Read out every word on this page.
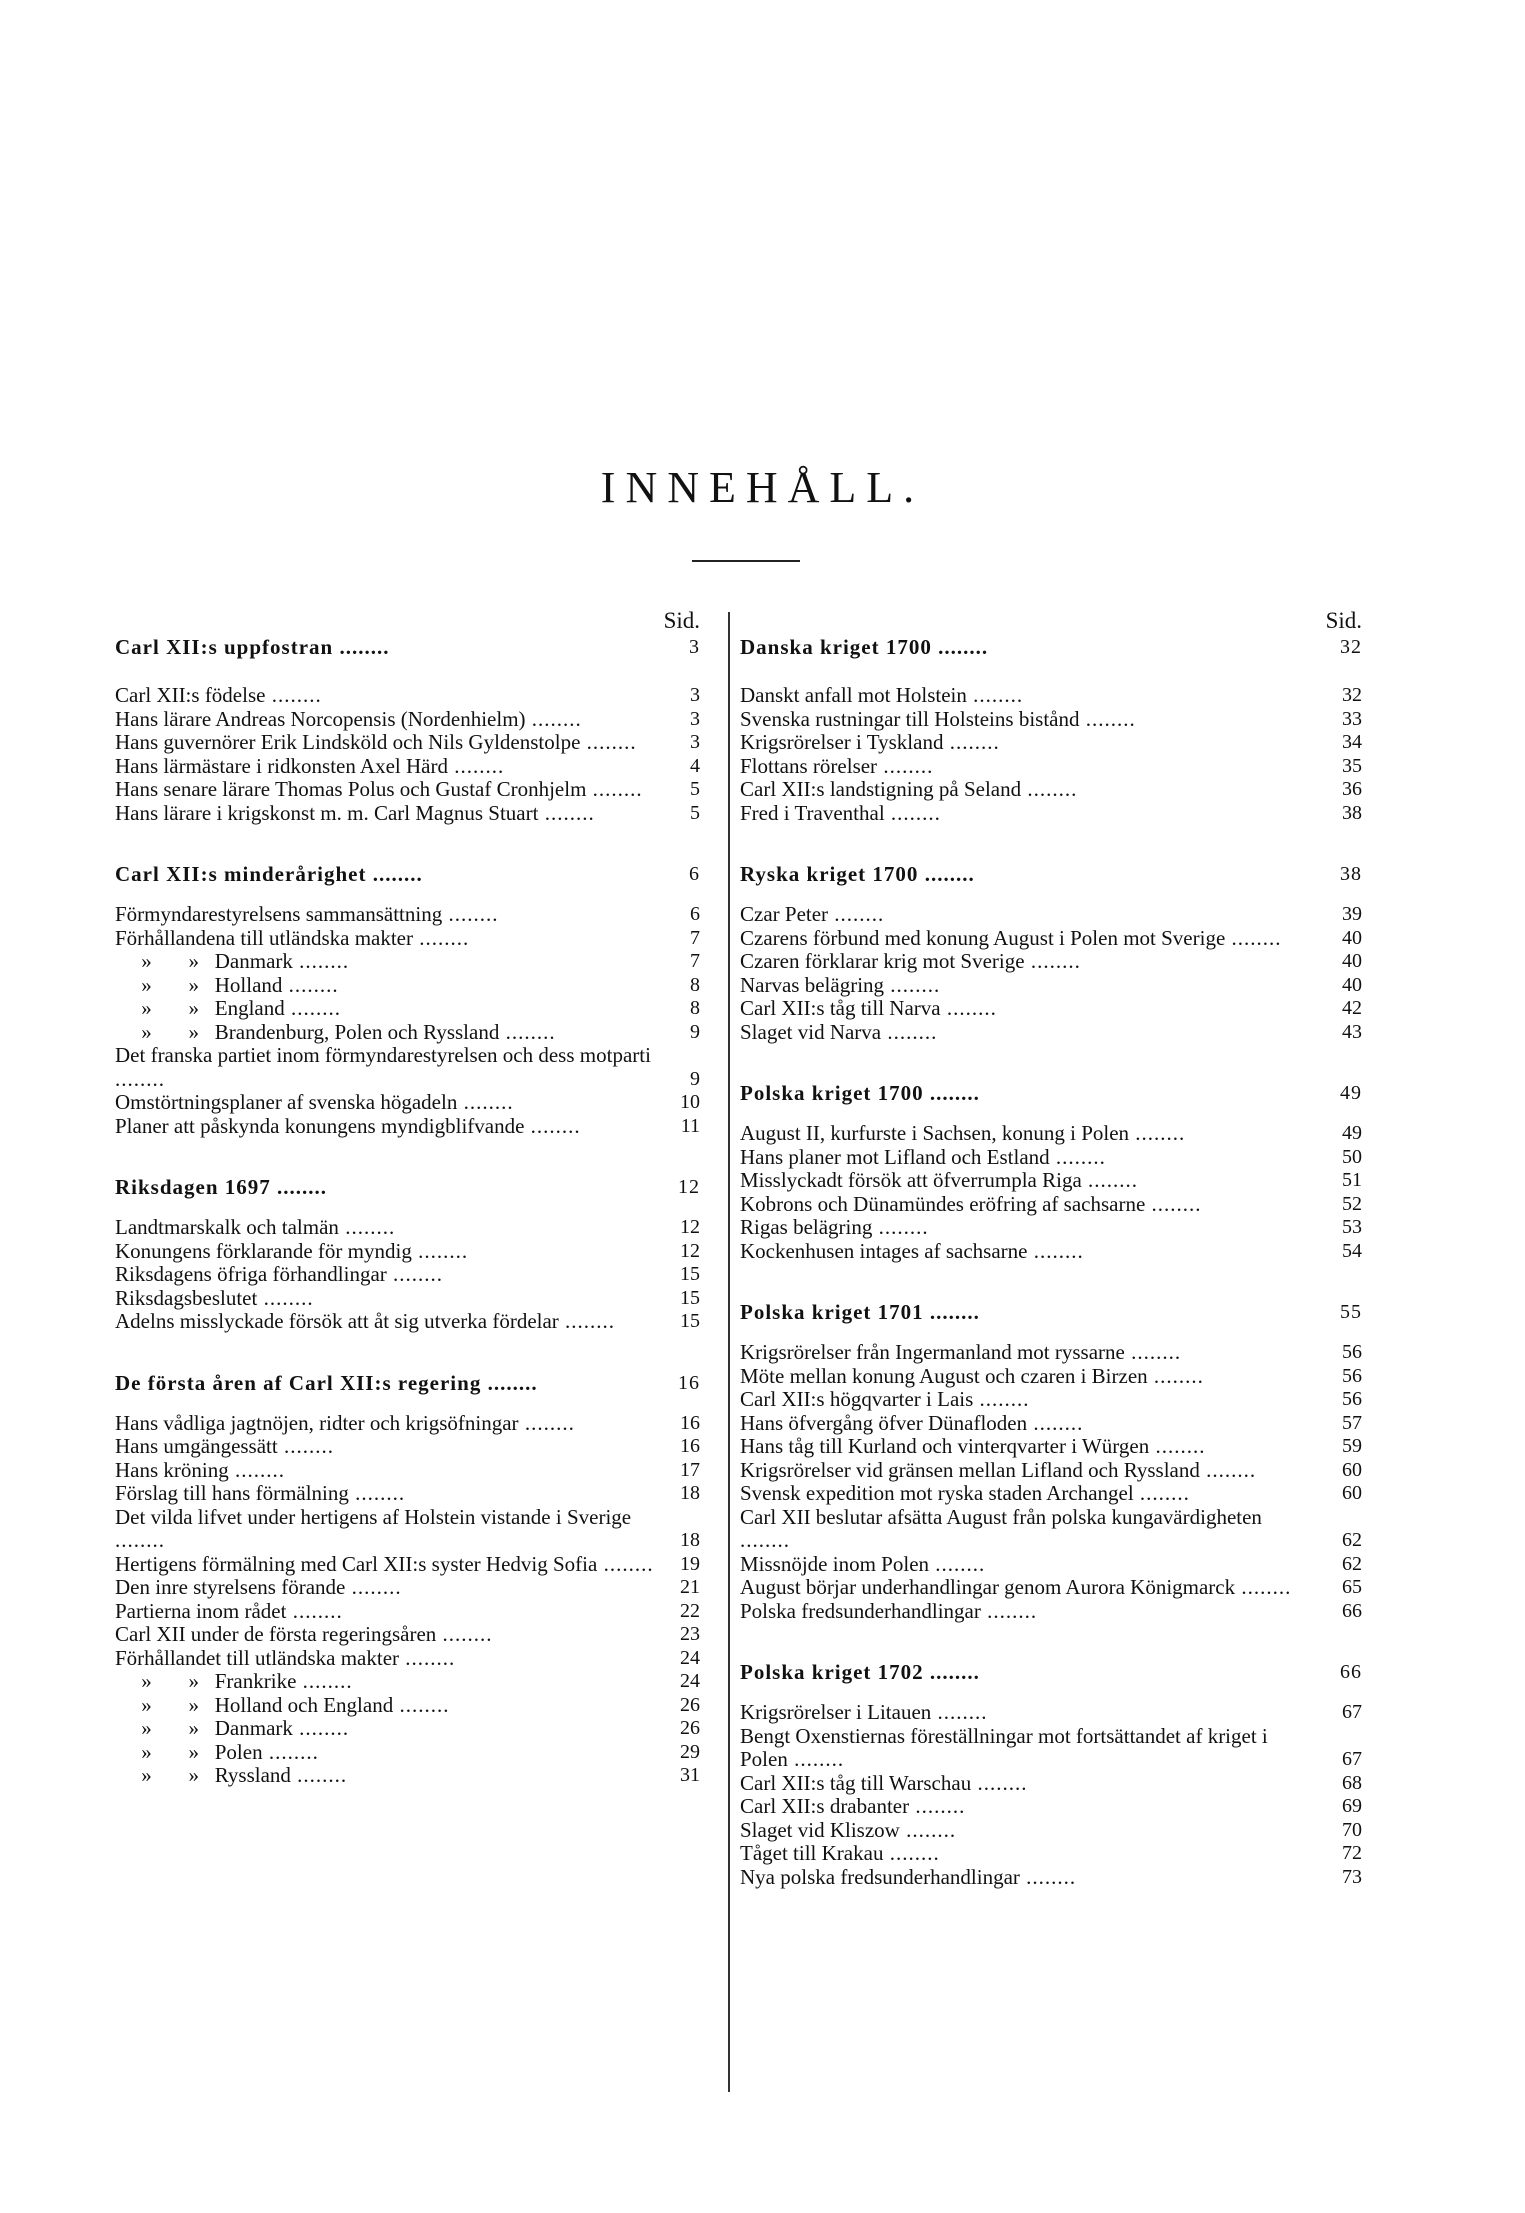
INNEHÅLL.
Sid.
Carl XII:s uppfostran ........	3
Carl XII:s födelse ........	3
Hans lärare Andreas Norcopensis (Nordenhielm) ........	3
Hans guvernörer Erik Lindsköld och Nils Gyldenstolpe ........	3
Hans lärmästare i ridkonsten Axel Härd ........	4
Hans senare lärare Thomas Polus och Gustaf Cronhjelm ........	5
Hans lärare i krigskonst m. m. Carl Magnus Stuart ........	5
Carl XII:s minderårighet ........	6
Förmyndarestyrelsens sammansättning ........	6
Förhållandena till utländska makter ........	7
»       »   Danmark ........	7
»       »   Holland ........	8
»       »   England ........	8
»       »   Brandenburg, Polen och Ryssland ........	9
Det franska partiet inom förmyndarestyrelsen och dess motparti ........	9
Omstörtningsplaner af svenska högadeln ........	10
Planer att påskynda konungens myndigblifvande ........	11
Riksdagen 1697 ........	12
Landtmarskalk och talmän ........	12
Konungens förklarande för myndig ........	12
Riksdagens öfriga förhandlingar ........	15
Riksdagsbeslutet ........	15
Adelns misslyckade försök att åt sig utverka fördelar ........	15
De första åren af Carl XII:s regering ........	16
Hans vådliga jagtnöjen, ridter och krigsöfningar ........	16
Hans umgängessätt ........	16
Hans kröning ........	17
Förslag till hans förmälning ........	18
Det vilda lifvet under hertigens af Holstein vistande i Sverige ........	18
Hertigens förmälning med Carl XII:s syster Hedvig Sofia ........	19
Den inre styrelsens förande ........	21
Partierna inom rådet ........	22
Carl XII under de första regeringsåren ........	23
Förhållandet till utländska makter ........	24
»       »   Frankrike ........	24
»       »   Holland och England ........	26
»       »   Danmark ........	26
»       »   Polen ........	29
»       »   Ryssland ........	31
Sid.
Danska kriget 1700 ........	32
Danskt anfall mot Holstein ........	32
Svenska rustningar till Holsteins bistånd ........	33
Krigsrörelser i Tyskland ........	34
Flottans rörelser ........	35
Carl XII:s landstigning på Seland ........	36
Fred i Traventhal ........	38
Ryska kriget 1700 ........	38
Czar Peter ........	39
Czarens förbund med konung August i Polen mot Sverige ........	40
Czaren förklarar krig mot Sverige ........	40
Narvas belägring ........	40
Carl XII:s tåg till Narva ........	42
Slaget vid Narva ........	43
Polska kriget 1700 ........	49
August II, kurfurste i Sachsen, konung i Polen ........	49
Hans planer mot Lifland och Estland ........	50
Misslyckadt försök att öfverrumpla Riga ........	51
Kobrons och Dünamündes eröfring af sachsarne ........	52
Rigas belägring ........	53
Kockenhusen intages af sachsarne ........	54
Polska kriget 1701 ........	55
Krigsrörelser från Ingermanland mot ryssarne ........	56
Möte mellan konung August och czaren i Birzen ........	56
Carl XII:s högqvarter i Lais ........	56
Hans öfvergång öfver Dünafloden ........	57
Hans tåg till Kurland och vinterqvarter i Würgen ........	59
Krigsrörelser vid gränsen mellan Lifland och Ryssland ........	60
Svensk expedition mot ryska staden Archangel ........	60
Carl XII beslutar afsätta August från polska kungavärdigheten ........	62
Missnöjde inom Polen ........	62
August börjar underhandlingar genom Aurora Königmarck ........	65
Polska fredsunderhandlingar ........	66
Polska kriget 1702 ........	66
Krigsrörelser i Litauen ........	67
Bengt Oxenstiernas föreställningar mot fortsättandet af kriget i Polen ........	67
Carl XII:s tåg till Warschau ........	68
Carl XII:s drabanter ........	69
Slaget vid Kliszow ........	70
Tåget till Krakau ........	72
Nya polska fredsunderhandlingar ........	73
